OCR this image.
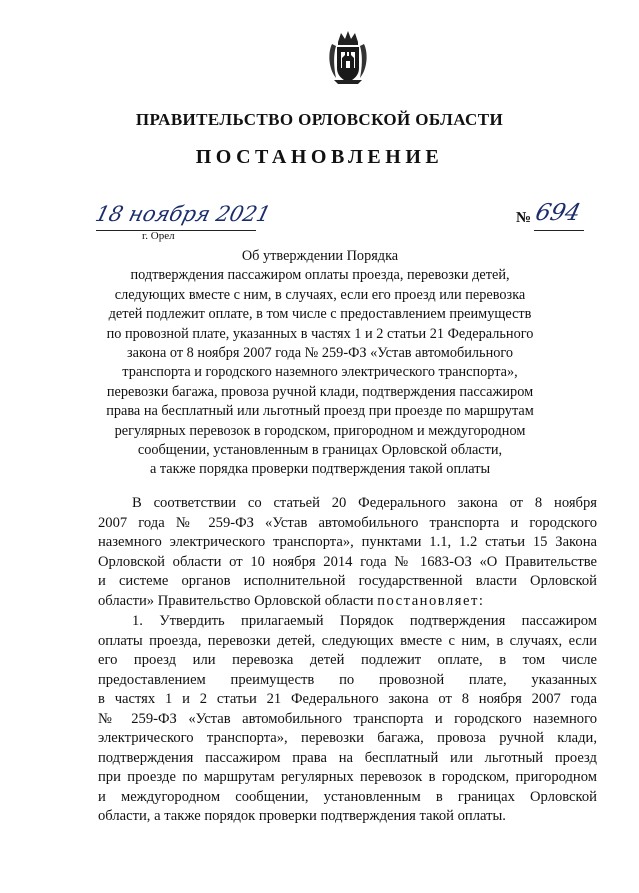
ПРАВИТЕЛЬСТВО ОРЛОВСКОЙ ОБЛАСТИ
ПОСТАНОВЛЕНИЕ
18 ноября 2021
г. Орел
№ 694
Об утверждении Порядка
подтверждения пассажиром оплаты проезда, перевозки детей,
следующих вместе с ним, в случаях, если его проезд или перевозка
детей подлежит оплате, в том числе с предоставлением преимуществ
по провозной плате, указанных в частях 1 и 2 статьи 21 Федерального
закона от 8 ноября 2007 года № 259-ФЗ «Устав автомобильного
транспорта и городского наземного электрического транспорта»,
перевозки багажа, провоза ручной клади, подтверждения пассажиром
права на бесплатный или льготный проезд при проезде по маршрутам
регулярных перевозок в городском, пригородном и междугородном
сообщении, установленным в границах Орловской области,
а также порядка проверки подтверждения такой оплаты
В соответствии со статьей 20 Федерального закона от 8 ноября
2007 года № 259-ФЗ «Устав автомобильного транспорта и городского
наземного электрического транспорта», пунктами 1.1, 1.2 статьи 15 Закона
Орловской области от 10 ноября 2014 года № 1683-ОЗ «О Правительстве
и системе органов исполнительной государственной власти Орловской
области» Правительство Орловской области постановляет:
1. Утвердить прилагаемый Порядок подтверждения пассажиром
оплаты проезда, перевозки детей, следующих вместе с ним, в случаях, если
его проезд или перевозка детей подлежит оплате, в том числе
предоставлением преимуществ по провозной плате, указанных
в частях 1 и 2 статьи 21 Федерального закона от 8 ноября 2007 года
№ 259-ФЗ «Устав автомобильного транспорта и городского наземного
электрического транспорта», перевозки багажа, провоза ручной клади,
подтверждения пассажиром права на бесплатный или льготный проезд
при проезде по маршрутам регулярных перевозок в городском, пригородном
и междугородном сообщении, установленным в границах Орловской
области, а также порядок проверки подтверждения такой оплаты.
